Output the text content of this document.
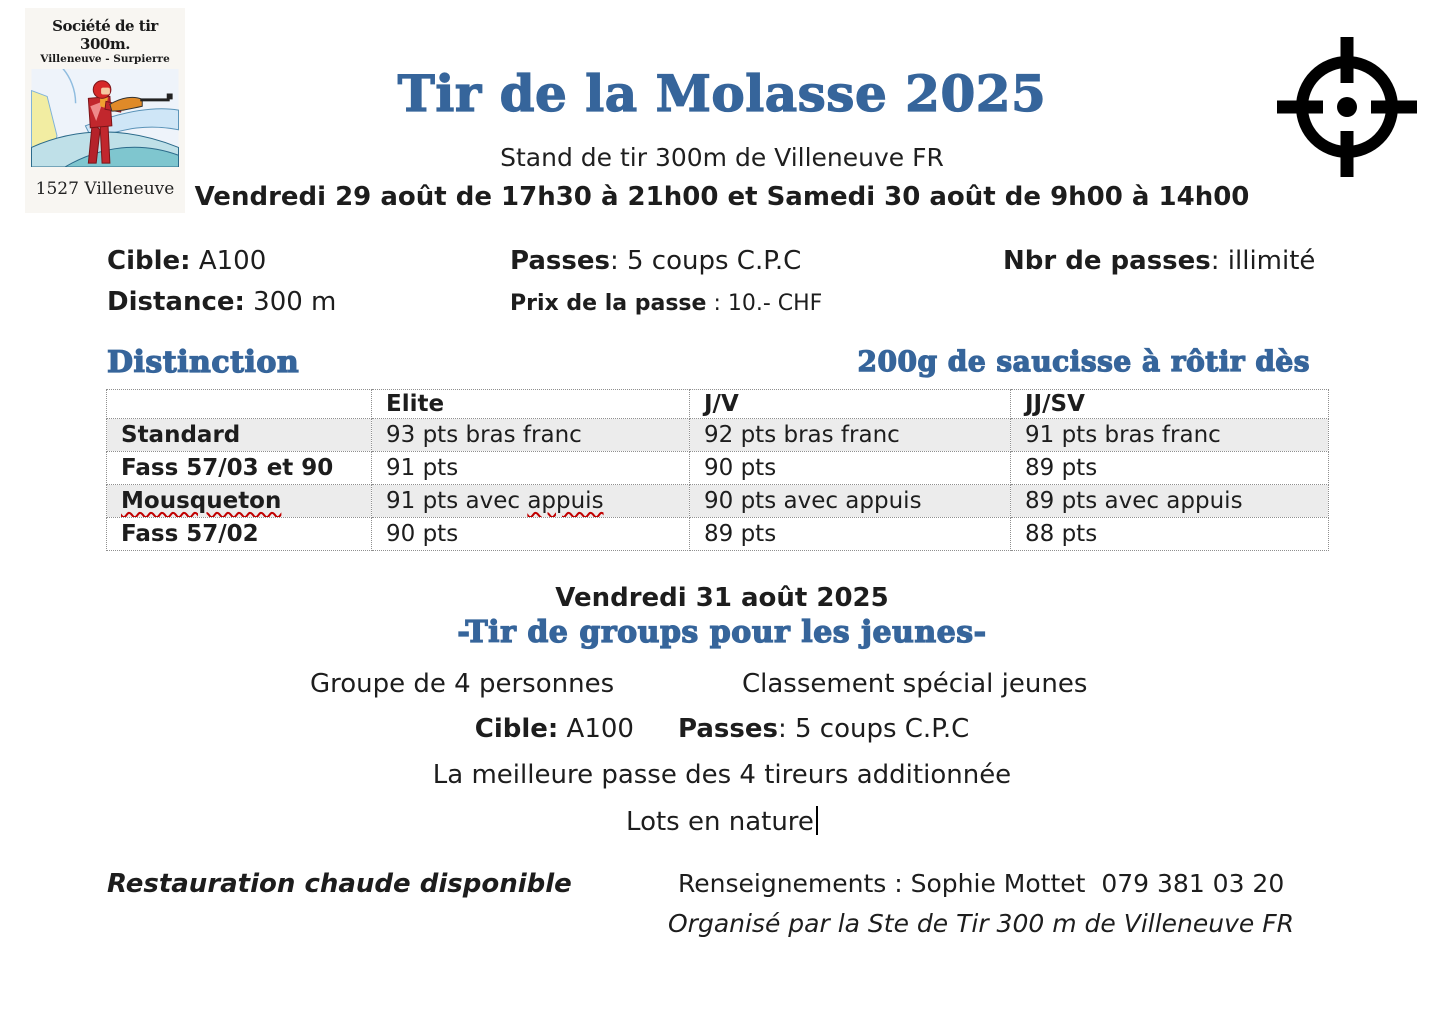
Société de tir 300m.
Villeneuve - Surpierre
1527 Villeneuve
Tir de la Molasse 2025
Stand de tir 300m de Villeneuve FR
Vendredi 29 août de 17h30 à 21h00 et Samedi 30 août de 9h00 à 14h00
Cible: A100	Passes: 5 coups C.P.C	Nbr de passes: illimité
Distance: 300 m	Prix de la passe : 10.- CHF
Distinction	200g de saucisse à rôtir dès
	Elite	J/V	JJ/SV
Standard	93 pts bras franc	92 pts bras franc	91 pts bras franc
Fass 57/03 et 90	91 pts	90 pts	89 pts
Mousqueton	91 pts avec appuis	90 pts avec appuis	89 pts avec appuis
Fass 57/02	90 pts	89 pts	88 pts
Vendredi 31 août 2025
-Tir de groups pour les jeunes-
Groupe de 4 personnes	Classement spécial jeunes
Cible: A100 Passes: 5 coups C.P.C
La meilleure passe des 4 tireurs additionnée
Lots en nature
Restauration chaude disponible	Renseignements : Sophie Mottet  079 381 03 20
Organisé par la Ste de Tir 300 m de Villeneuve FR
